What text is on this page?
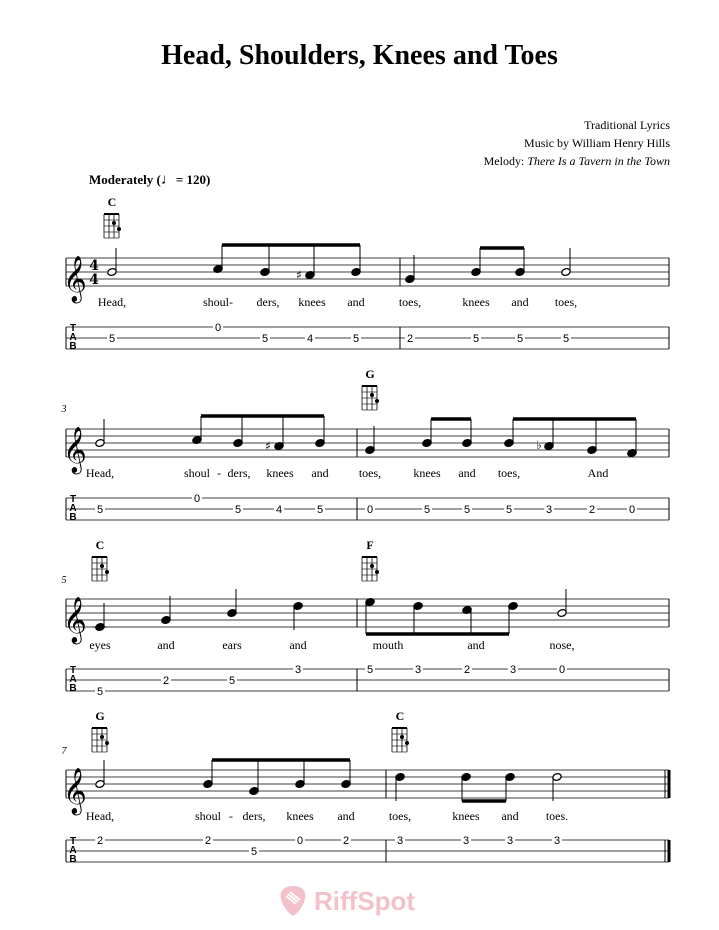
Head, Shoulders, Knees and Toes
Traditional Lyrics
Music by William Henry Hills
Melody: There Is a Tavern in the Town
Moderately (♩= 120)
𝄞 4
4
T
A
B
C
♯
Head,	shoul- ders, knees and	toes,	knees and toes,
5
0
5	4	5	2	5	5	5
3
𝄞
T
A
B
G
♯	♭
Head,	shoul - ders, knees and	toes,	knees and toes,	And
5
0
5	4	5	0	5	5	5	3	2	0
5
𝄞
T
A
B
C	F
eyes	and	ears	and	mouth	and	nose,
5
2	5
3	5	3	2	3	0
7
𝄞
T
A
B
G	C
Head,	shoul - ders, knees and	toes,	knees and toes.
2	2
5
0	2	3	3	3	3
RiffSpot
